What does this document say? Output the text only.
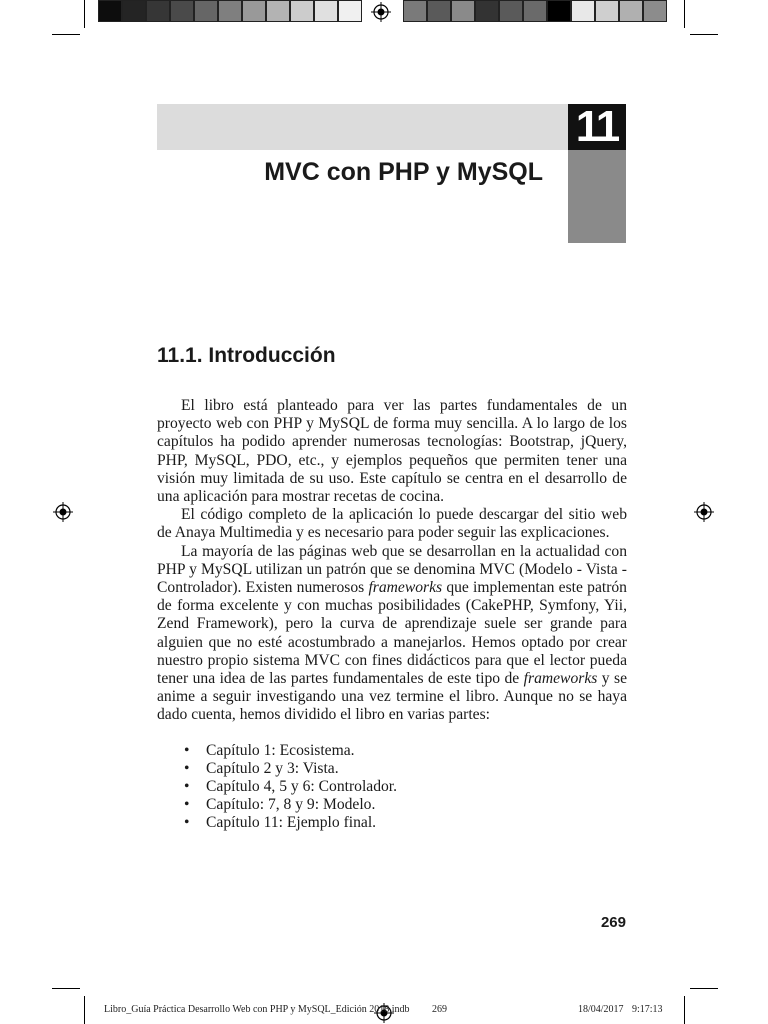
11
MVC con PHP y MySQL
11.1. Introducción

El libro está planteado para ver las partes fundamentales de un proyecto web con PHP y MySQL de forma muy sencilla. A lo largo de los capítulos ha podido aprender numerosas tecnologías: Bootstrap, jQuery, PHP, MySQL, PDO, etc., y ejemplos pequeños que permiten tener una visión muy limitada de su uso. Este capítulo se centra en el desarrollo de una aplicación para mostrar recetas de cocina.

El código completo de la aplicación lo puede descargar del sitio web de Anaya Multimedia y es necesario para poder seguir las explicaciones.

La mayoría de las páginas web que se desarrollan en la actualidad con PHP y MySQL utilizan un patrón que se denomina MVC (Modelo - Vista - Controlador). Existen numerosos frameworks que implementan este patrón de forma excelente y con muchas posibilidades (CakePHP, Symfony, Yii, Zend Framework), pero la curva de aprendizaje suele ser grande para alguien que no esté acostumbrado a manejarlos. Hemos optado por crear nuestro propio sistema MVC con fines didácticos para que el lector pueda tener una idea de las partes fundamentales de este tipo de frameworks y se anime a seguir investigando una vez termine el libro. Aunque no se haya dado cuenta, hemos dividido el libro en varias partes:

• Capítulo 1: Ecosistema.
• Capítulo 2 y 3: Vista.
• Capítulo 4, 5 y 6: Controlador.
• Capítulo: 7, 8 y 9: Modelo.
• Capítulo 11: Ejemplo final.
269
Libro_Guía Práctica Desarrollo Web con PHP y MySQL_Edición 2018.indb 269	18/04/2017 9:17:13
